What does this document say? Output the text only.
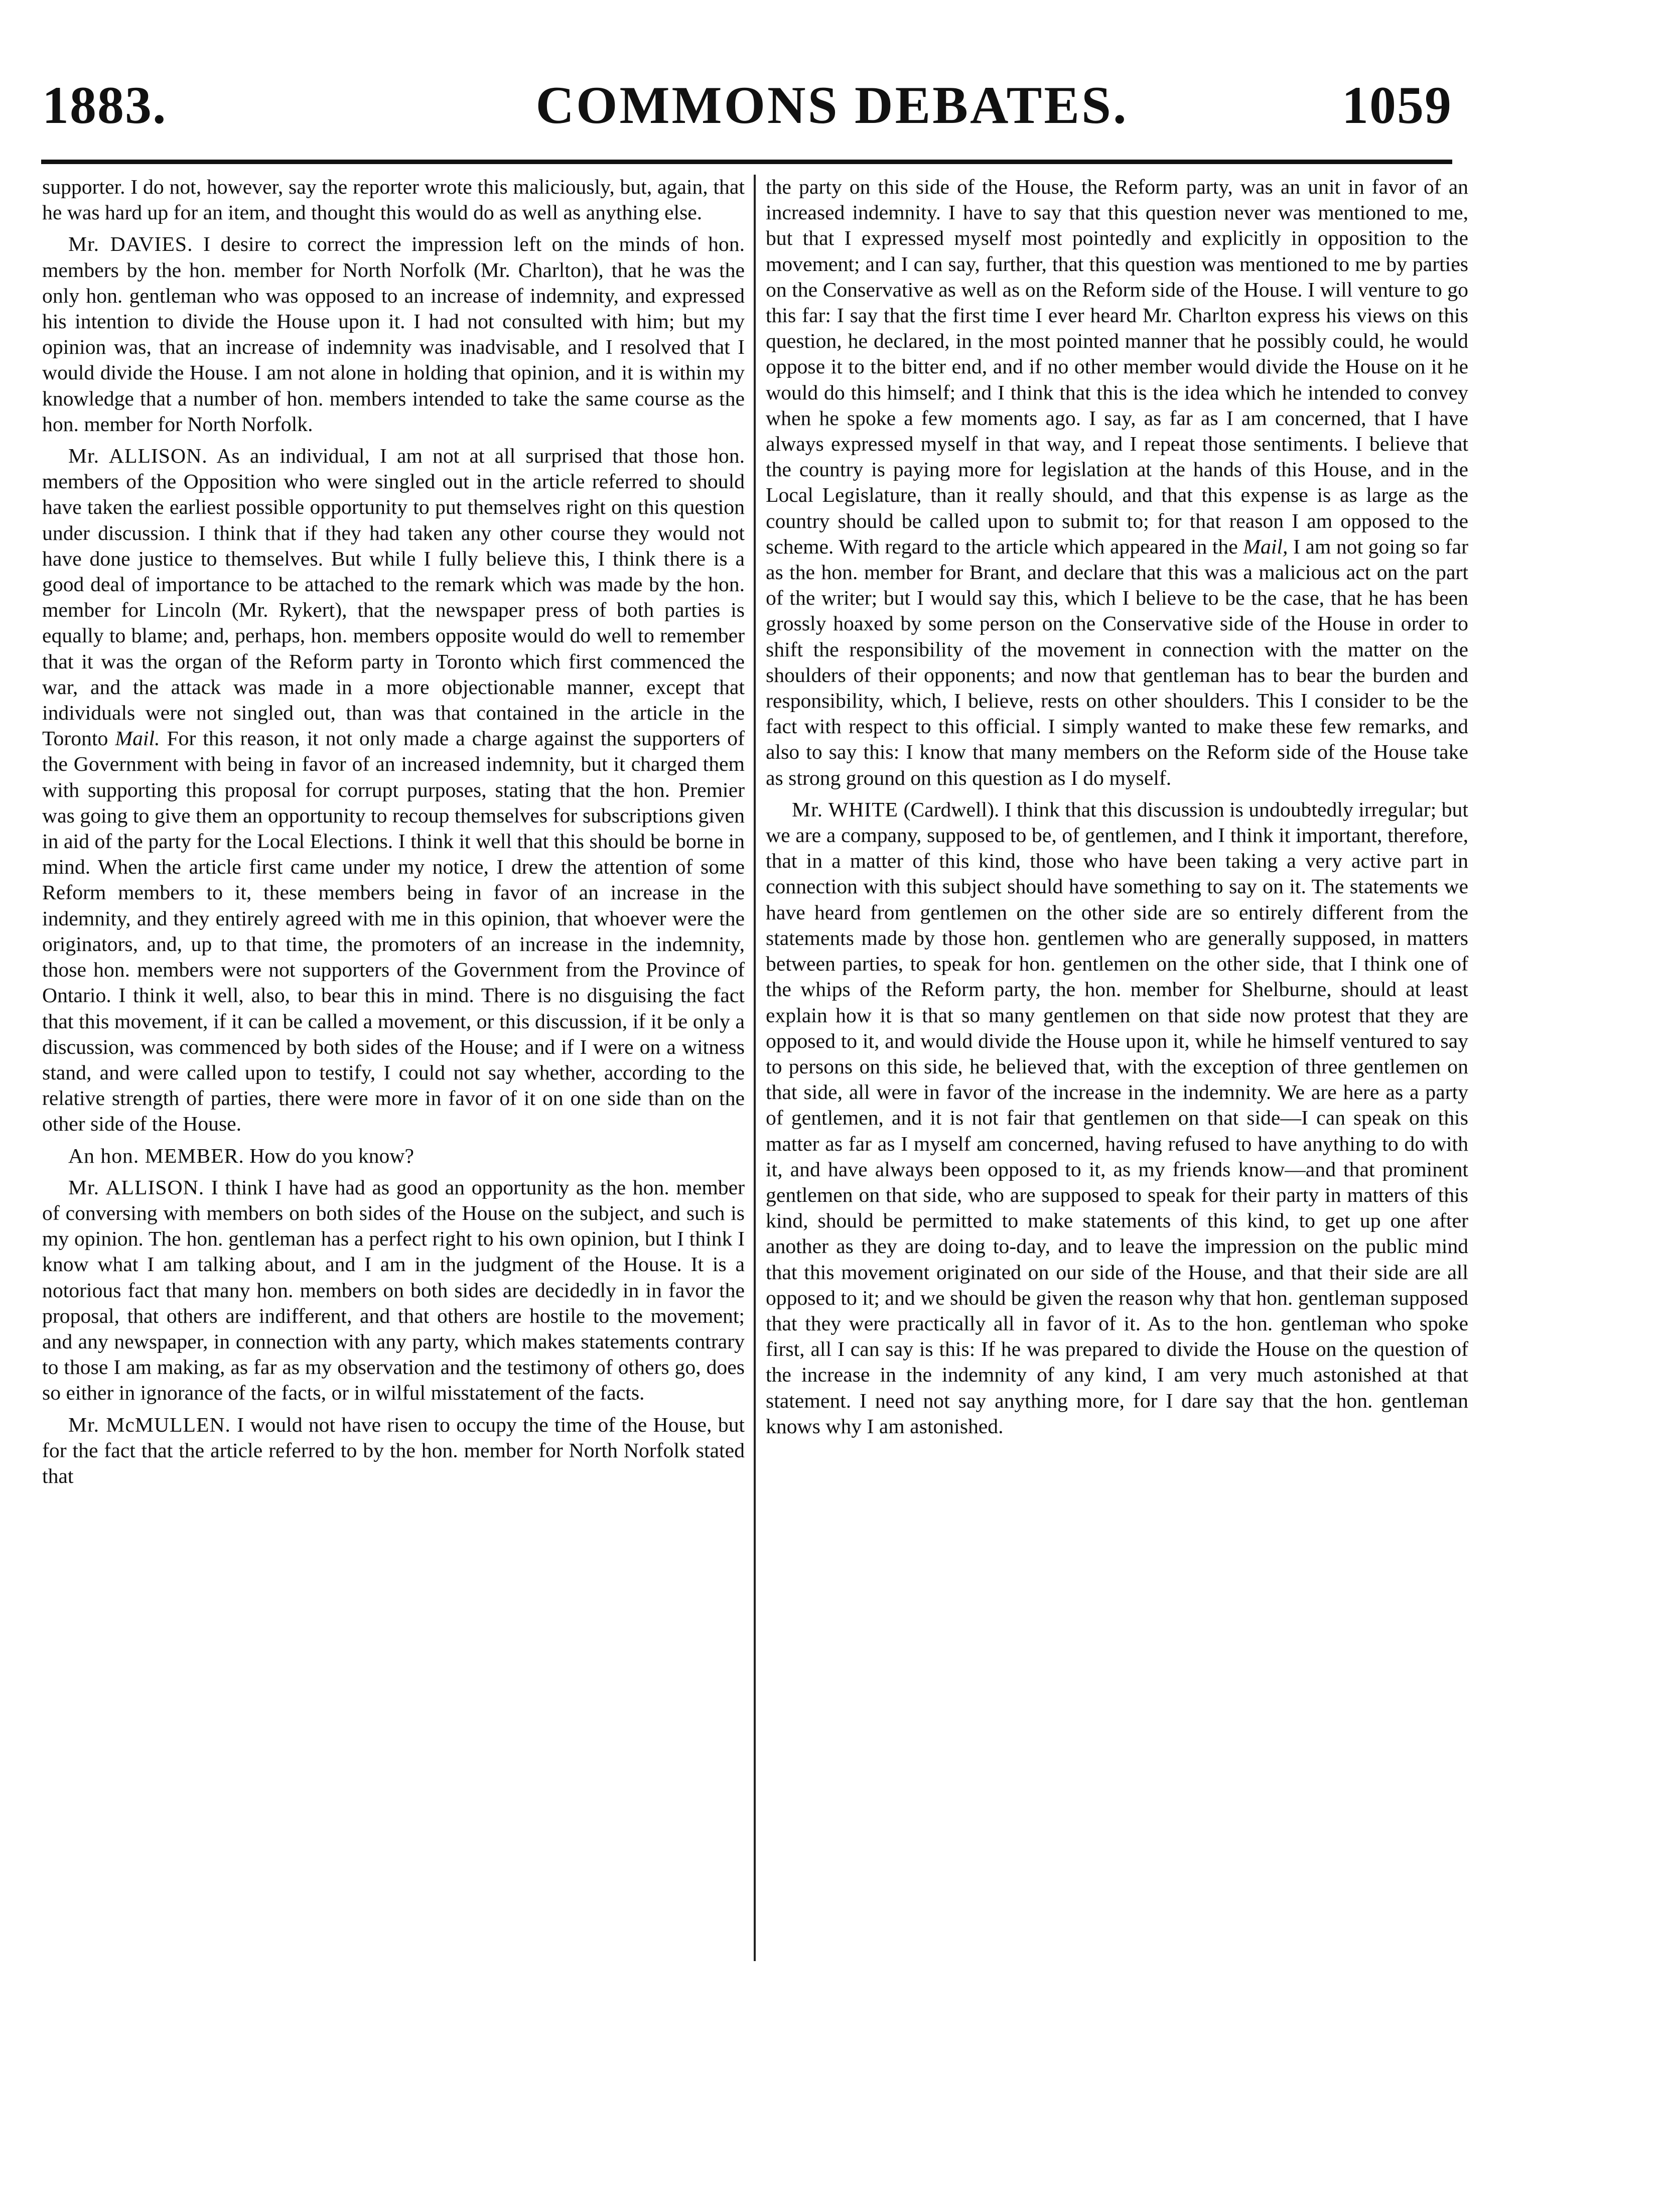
1883.	COMMONS DEBATES.	1059

supporter. I do not, however, say the reporter wrote this maliciously, but, again, that he was hard up for an item, and thought this would do as well as anything else.

Mr. DAVIES. I desire to correct the impression left on the minds of hon. members by the hon. member for North Norfolk (Mr. Charlton), that he was the only hon. gentleman who was opposed to an increase of indemnity, and expressed his intention to divide the House upon it. I had not consulted with him; but my opinion was, that an increase of indemnity was inadvisable, and I resolved that I would divide the House. I am not alone in holding that opinion, and it is within my knowledge that a number of hon. members intended to take the same course as the hon. member for North Norfolk.

Mr. ALLISON. As an individual, I am not at all surprised that those hon. members of the Opposition who were singled out in the article referred to should have taken the earliest possible opportunity to put themselves right on this question under discussion. I think that if they had taken any other course they would not have done justice to themselves. But while I fully believe this, I think there is a good deal of importance to be attached to the remark which was made by the hon. member for Lincoln (Mr. Rykert), that the newspaper press of both parties is equally to blame; and, perhaps, hon. members opposite would do well to remember that it was the organ of the Reform party in Toronto which first commenced the war, and the attack was made in a more objectionable manner, except that individuals were not singled out, than was that contained in the article in the Toronto Mail. For this reason, it not only made a charge against the supporters of the Government with being in favor of an increased indemnity, but it charged them with supporting this proposal for corrupt purposes, stating that the hon. Premier was going to give them an opportunity to recoup themselves for subscriptions given in aid of the party for the Local Elections. I think it well that this should be borne in mind. When the article first came under my notice, I drew the attention of some Reform members to it, these members being in favor of an increase in the indemnity, and they entirely agreed with me in this opinion, that whoever were the originators, and, up to that time, the promoters of an increase in the indemnity, those hon. members were not supporters of the Government from the Province of Ontario. I think it well, also, to bear this in mind. There is no disguising the fact that this movement, if it can be called a movement, or this discussion, if it be only a discussion, was commenced by both sides of the House; and if I were on a witness stand, and were called upon to testify, I could not say whether, according to the relative strength of parties, there were more in favor of it on one side than on the other side of the House.

An hon. MEMBER. How do you know?

Mr. ALLISON. I think I have had as good an opportunity as the hon. member of conversing with members on both sides of the House on the subject, and such is my opinion. The hon. gentleman has a perfect right to his own opinion, but I think I know what I am talking about, and I am in the judgment of the House. It is a notorious fact that many hon. members on both sides are decidedly in in favor the proposal, that others are indifferent, and that others are hostile to the movement; and any newspaper, in connection with any party, which makes statements contrary to those I am making, as far as my observation and the testimony of others go, does so either in ignorance of the facts, or in wilful misstatement of the facts.

Mr. McMULLEN. I would not have risen to occupy the time of the House, but for the fact that the article referred to by the hon. member for North Norfolk stated that

the party on this side of the House, the Reform party, was an unit in favor of an increased indemnity. I have to say that this question never was mentioned to me, but that I expressed myself most pointedly and explicitly in opposition to the movement; and I can say, further, that this question was mentioned to me by parties on the Conservative as well as on the Reform side of the House. I will venture to go this far: I say that the first time I ever heard Mr. Charlton express his views on this question, he declared, in the most pointed manner that he possibly could, he would oppose it to the bitter end, and if no other member would divide the House on it he would do this himself; and I think that this is the idea which he intended to convey when he spoke a few moments ago. I say, as far as I am concerned, that I have always expressed myself in that way, and I repeat those sentiments. I believe that the country is paying more for legislation at the hands of this House, and in the Local Legislature, than it really should, and that this expense is as large as the country should be called upon to submit to; for that reason I am opposed to the scheme. With regard to the article which appeared in the Mail, I am not going so far as the hon. member for Brant, and declare that this was a malicious act on the part of the writer; but I would say this, which I believe to be the case, that he has been grossly hoaxed by some person on the Conservative side of the House in order to shift the responsibility of the movement in connection with the matter on the shoulders of their opponents; and now that gentleman has to bear the burden and responsibility, which, I believe, rests on other shoulders. This I consider to be the fact with respect to this official. I simply wanted to make these few remarks, and also to say this: I know that many members on the Reform side of the House take as strong ground on this question as I do myself.

Mr. WHITE (Cardwell). I think that this discussion is undoubtedly irregular; but we are a company, supposed to be, of gentlemen, and I think it important, therefore, that in a matter of this kind, those who have been taking a very active part in connection with this subject should have something to say on it. The statements we have heard from gentlemen on the other side are so entirely different from the statements made by those hon. gentlemen who are generally supposed, in matters between parties, to speak for hon. gentlemen on the other side, that I think one of the whips of the Reform party, the hon. member for Shelburne, should at least explain how it is that so many gentlemen on that side now protest that they are opposed to it, and would divide the House upon it, while he himself ventured to say to persons on this side, he believed that, with the exception of three gentlemen on that side, all were in favor of the increase in the indemnity. We are here as a party of gentlemen, and it is not fair that gentlemen on that side—I can speak on this matter as far as I myself am concerned, having refused to have anything to do with it, and have always been opposed to it, as my friends know—and that prominent gentlemen on that side, who are supposed to speak for their party in matters of this kind, should be permitted to make statements of this kind, to get up one after another as they are doing to-day, and to leave the impression on the public mind that this movement originated on our side of the House, and that their side are all opposed to it; and we should be given the reason why that hon. gentleman supposed that they were practically all in favor of it. As to the hon. gentleman who spoke first, all I can say is this: If he was prepared to divide the House on the question of the increase in the indemnity of any kind, I am very much astonished at that statement. I need not say anything more, for I dare say that the hon. gentleman knows why I am astonished.
